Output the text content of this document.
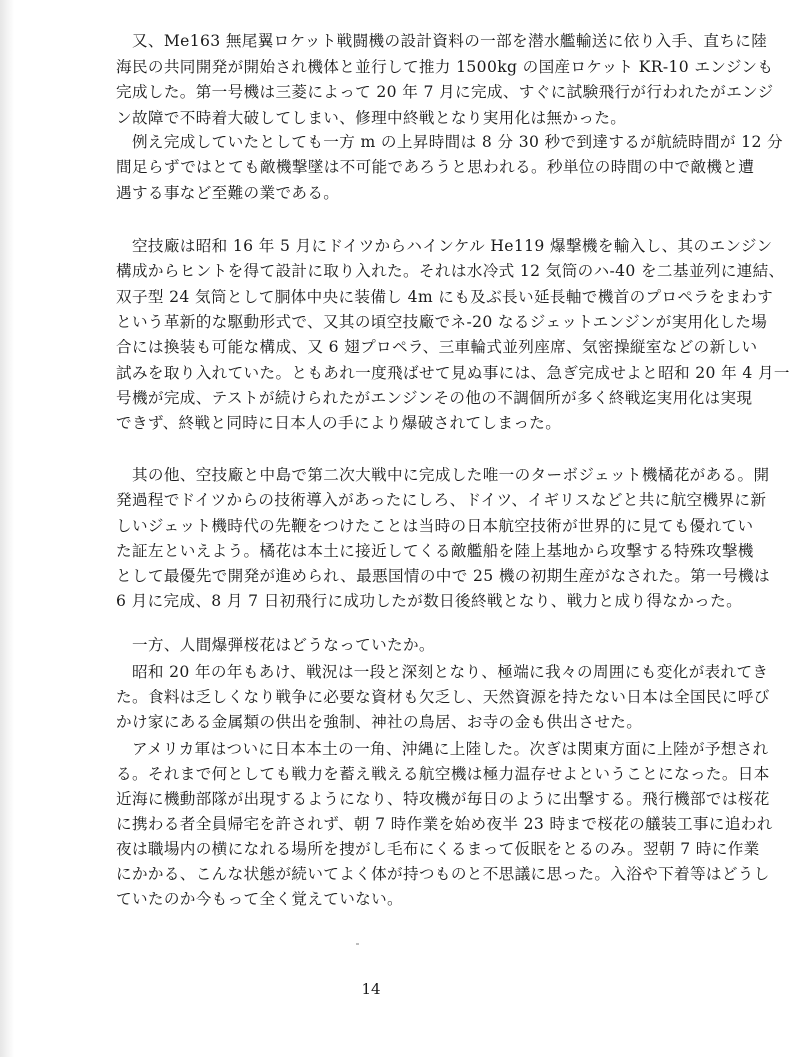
　又、Me163 無尾翼ロケット戦闘機の設計資料の一部を潜水艦輸送に依り入手、直ちに陸
海民の共同開発が開始され機体と並行して推力 1500kg の国産ロケット KR-10 エンジンも
完成した。第一号機は三菱によって 20 年 7 月に完成、すぐに試験飛行が行われたがエンジ
ン故障で不時着大破してしまい、修理中終戦となり実用化は無かった。
　例え完成していたとしても一方 m の上昇時間は 8 分 30 秒で到達するが航続時間が 12 分
間足らずではとても敵機撃墜は不可能であろうと思われる。秒単位の時間の中で敵機と遭
遇する事など至難の業である。
　空技廠は昭和 16 年 5 月にドイツからハインケル He119 爆撃機を輸入し、其のエンジン
構成からヒントを得て設計に取り入れた。それは水冷式 12 気筒のハ-40 を二基並列に連結、
双子型 24 気筒として胴体中央に装備し 4m にも及ぶ長い延長軸で機首のプロペラをまわす
という革新的な駆動形式で、又其の頃空技廠でネ-20 なるジェットエンジンが実用化した場
合には換装も可能な構成、又 6 翅プロペラ、三車輪式並列座席、気密操縦室などの新しい
試みを取り入れていた。ともあれ一度飛ばせて見ぬ事には、急ぎ完成せよと昭和 20 年 4 月一
号機が完成、テストが続けられたがエンジンその他の不調個所が多く終戦迄実用化は実現
できず、終戦と同時に日本人の手により爆破されてしまった。
　其の他、空技廠と中島で第二次大戦中に完成した唯一のターボジェット機橘花がある。開
発過程でドイツからの技術導入があったにしろ、ドイツ、イギリスなどと共に航空機界に新
しいジェット機時代の先鞭をつけたことは当時の日本航空技術が世界的に見ても優れてい
た証左といえよう。橘花は本土に接近してくる敵艦船を陸上基地から攻撃する特殊攻撃機
として最優先で開発が進められ、最悪国情の中で 25 機の初期生産がなされた。第一号機は
6 月に完成、8 月 7 日初飛行に成功したが数日後終戦となり、戦力と成り得なかった。
　一方、人間爆弾桜花はどうなっていたか。
　昭和 20 年の年もあけ、戦況は一段と深刻となり、極端に我々の周囲にも変化が表れてき
た。食料は乏しくなり戦争に必要な資材も欠乏し、天然資源を持たない日本は全国民に呼び
かけ家にある金属類の供出を強制、神社の鳥居、お寺の金も供出させた。
　アメリカ軍はついに日本本土の一角、沖縄に上陸した。次ぎは関東方面に上陸が予想され
る。それまで何としても戦力を蓄え戦える航空機は極力温存せよということになった。日本
近海に機動部隊が出現するようになり、特攻機が毎日のように出撃する。飛行機部では桜花
に携わる者全員帰宅を許されず、朝 7 時作業を始め夜半 23 時まで桜花の艤装工事に追われ
夜は職場内の横になれる場所を捜がし毛布にくるまって仮眠をとるのみ。翌朝 7 時に作業
にかかる、こんな状態が続いてよく体が持つものと不思議に思った。入浴や下着等はどうし
ていたのか今もって全く覚えていない。
14
